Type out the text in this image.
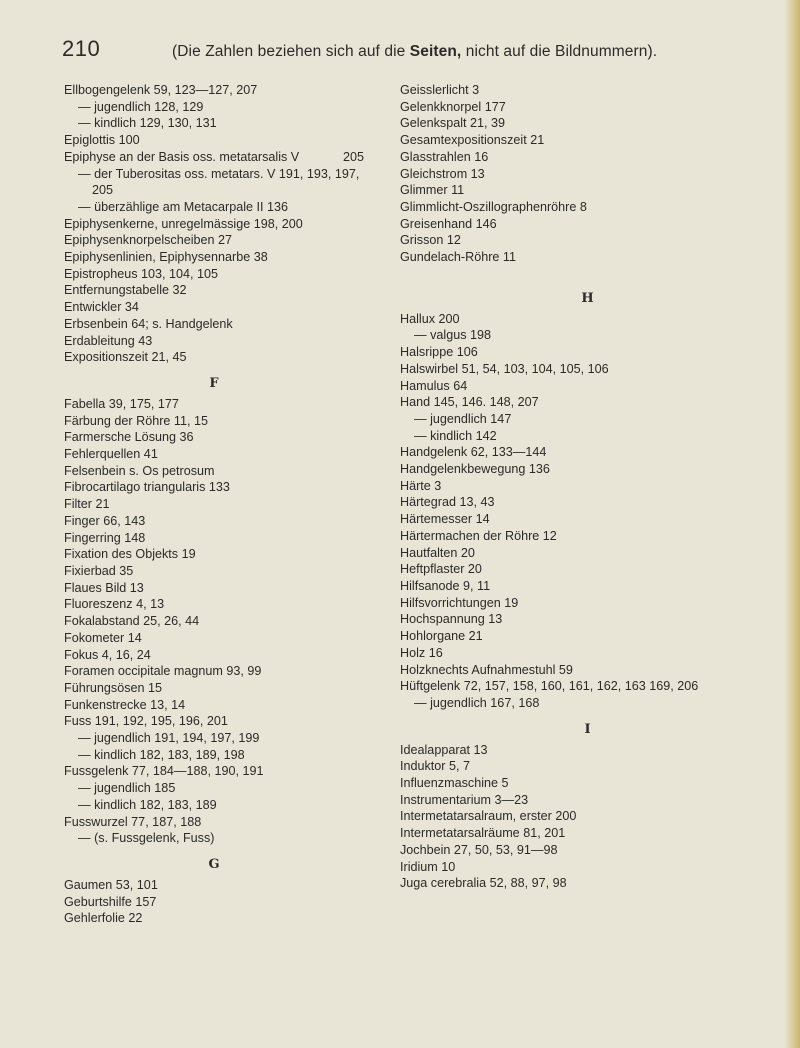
210	(Die Zahlen beziehen sich auf die Seiten, nicht auf die Bildnummern).
Ellbogengelenk 59, 123—127, 207
— jugendlich 128, 129
— kindlich 129, 130, 131
Epiglottis 100
Epiphyse an der Basis oss. metatarsalis V	205
— der Tuberositas oss. metatars. V 191, 193, 197, 205
— überzählige am Metacarpale II 136
Epiphysenkerne, unregelmässige 198, 200
Epiphysenknorpelscheiben 27
Epiphysenlinien, Epiphysennarbe 38
Epistropheus 103, 104, 105
Entfernungstabelle 32
Entwickler 34
Erbsenbein 64; s. Handgelenk
Erdableitung 43
Expositionszeit 21, 45
F
Fabella 39, 175, 177
Färbung der Röhre 11, 15
Farmersche Lösung 36
Fehlerquellen 41
Felsenbein s. Os petrosum
Fibrocartilago triangularis 133
Filter 21
Finger 66, 143
Fingerring 148
Fixation des Objekts 19
Fixierbad 35
Flaues Bild 13
Fluoreszenz 4, 13
Fokalabstand 25, 26, 44
Fokometer 14
Fokus 4, 16, 24
Foramen occipitale magnum 93, 99
Führungsösen 15
Funkenstrecke 13, 14
Fuss 191, 192, 195, 196, 201
— jugendlich 191, 194, 197, 199
— kindlich 182, 183, 189, 198
Fussgelenk 77, 184—188, 190, 191
— jugendlich 185
— kindlich 182, 183, 189
Fusswurzel 77, 187, 188
— (s. Fussgelenk, Fuss)
G
Gaumen 53, 101
Geburtshilfe 157
Gehlerfolie 22
Geisslerlicht 3
Gelenkknorpel 177
Gelenkspalt 21, 39
Gesamtexpositionszeit 21
Glasstrahlen 16
Gleichstrom 13
Glimmer 11
Glimmlicht-Oszillographenröhre 8
Greisenhand 146
Grisson 12
Gundelach-Röhre 11
H
Hallux 200
— valgus 198
Halsrippe 106
Halswirbel 51, 54, 103, 104, 105, 106
Hamulus 64
Hand 145, 146. 148, 207
— jugendlich 147
— kindlich 142
Handgelenk 62, 133—144
Handgelenkbewegung 136
Härte 3
Härtegrad 13, 43
Härtemesser 14
Härtermachen der Röhre 12
Hautfalten 20
Heftpflaster 20
Hilfsanode 9, 11
Hilfsvorrichtungen 19
Hochspannung 13
Hohlorgane 21
Holz 16
Holzknechts Aufnahmestuhl 59
Hüftgelenk 72, 157, 158, 160, 161, 162, 163 169, 206
— jugendlich 167, 168
I
Idealapparat 13
Induktor 5, 7
Influenzmaschine 5
Instrumentarium 3—23
Intermetatarsalraum, erster 200
Intermetatarsalräume 81, 201
Jochbein 27, 50, 53, 91—98
Iridium 10
Juga cerebralia 52, 88, 97, 98
